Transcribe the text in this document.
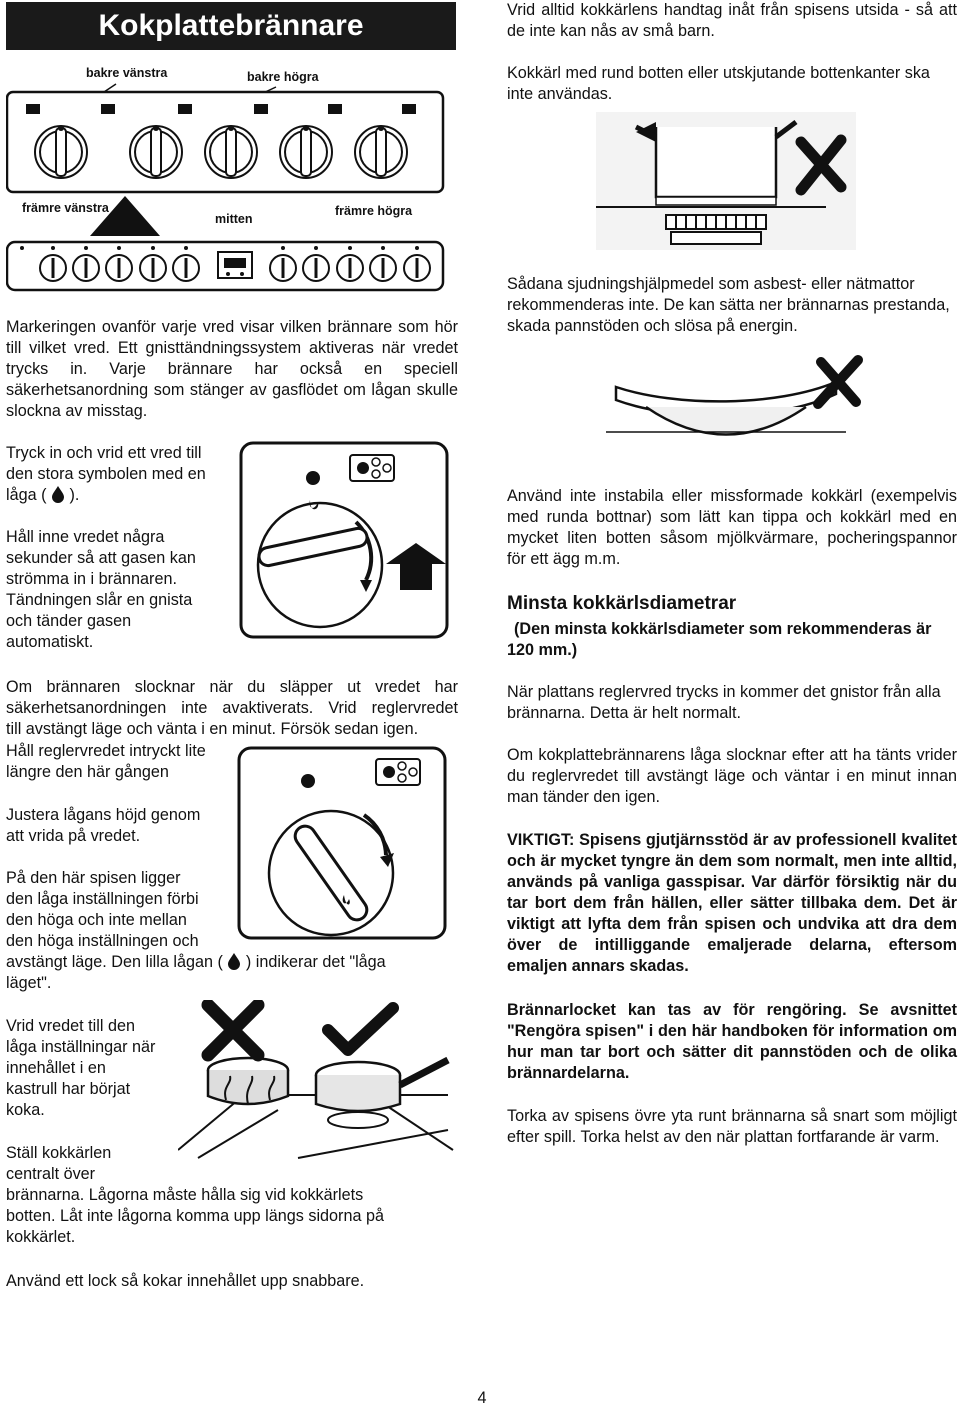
Kokplattebrännare
bakre vänstra	bakre högra
främre vänstra
mitten
främre högra

Markeringen ovanför varje vred visar vilken brännare som hör till vilket vred. Ett gnisttändningssystem aktiveras när vredet trycks in. Varje brännare har också en speciell säkerhetsanordning som stänger av gasflödet om lågan skulle slockna av misstag.

Tryck in och vrid ett vred till
den stora symbolen med en
låga ( ).
Håll inne vredet några
sekunder så att gasen kan
strömma in i brännaren.
Tändningen slår en gnista
och tänder gasen
automatiskt.
Om brännaren slocknar när du släpper ut vredet har
säkerhetsanordningen inte avaktiverats. Vrid reglervredet
till avstängt läge och vänta i en minut. Försök sedan igen.
Håll reglervredet intryckt lite
längre den här gången
Justera lågans höjd genom
att vrida på vredet.
På den här spisen ligger
den låga inställningen förbi
den höga och inte mellan
den höga inställningen och
avstängt läge. Den lilla lågan ( ) indikerar det "låga
läget".
Vrid vredet till den
låga inställningar när
innehållet i en
kastrull har börjat
koka.
Ställ kokkärlen
centralt över
brännarna. Lågorna måste hålla sig vid kokkärlets
botten. Låt inte lågorna komma upp längs sidorna på
kokkärlet.

Använd ett lock så kokar innehållet upp snabbare.

Vrid alltid kokkärlens handtag inåt från spisens utsida - så att de inte kan nås av små barn.

Kokkärl med rund botten eller utskjutande bottenkanter ska inte användas.

Sådana sjudningshjälpmedel som asbest- eller nätmattor rekommenderas inte. De kan sätta ner brännarnas prestanda, skada pannstöden och slösa på energin.

Använd inte instabila eller missformade kokkärl (exempelvis med runda bottnar) som lätt kan tippa och kokkärl med en mycket liten botten såsom mjölkvärmare, pocheringspannor för ett ägg m.m.

Minsta kokkärlsdiametrar

(Den minsta kokkärlsdiameter som rekommenderas är 120 mm.)

När plattans reglervred trycks in kommer det gnistor från alla brännarna. Detta är helt normalt.

Om kokplattebrännarens låga slocknar efter att ha tänts vrider du reglervredet till avstängt läge och väntar i en minut innan man tänder den igen.

VIKTIGT: Spisens gjutjärnsstöd är av professionell kvalitet och är mycket tyngre än dem som normalt, men inte alltid, används på vanliga gasspisar. Var därför försiktig när du tar bort dem från hällen, eller sätter tillbaka dem. Det är viktigt att lyfta dem från spisen och undvika att dra dem över de intilliggande emaljerade delarna, eftersom emaljen annars skadas.

Brännarlocket kan tas av för rengöring. Se avsnittet "Rengöra spisen" i den här handboken för information om hur man tar bort och sätter dit pannstöden och de olika brännardelarna.

Torka av spisens övre yta runt brännarna så snart som möjligt efter spill. Torka helst av den när plattan fortfarande är varm.

4
